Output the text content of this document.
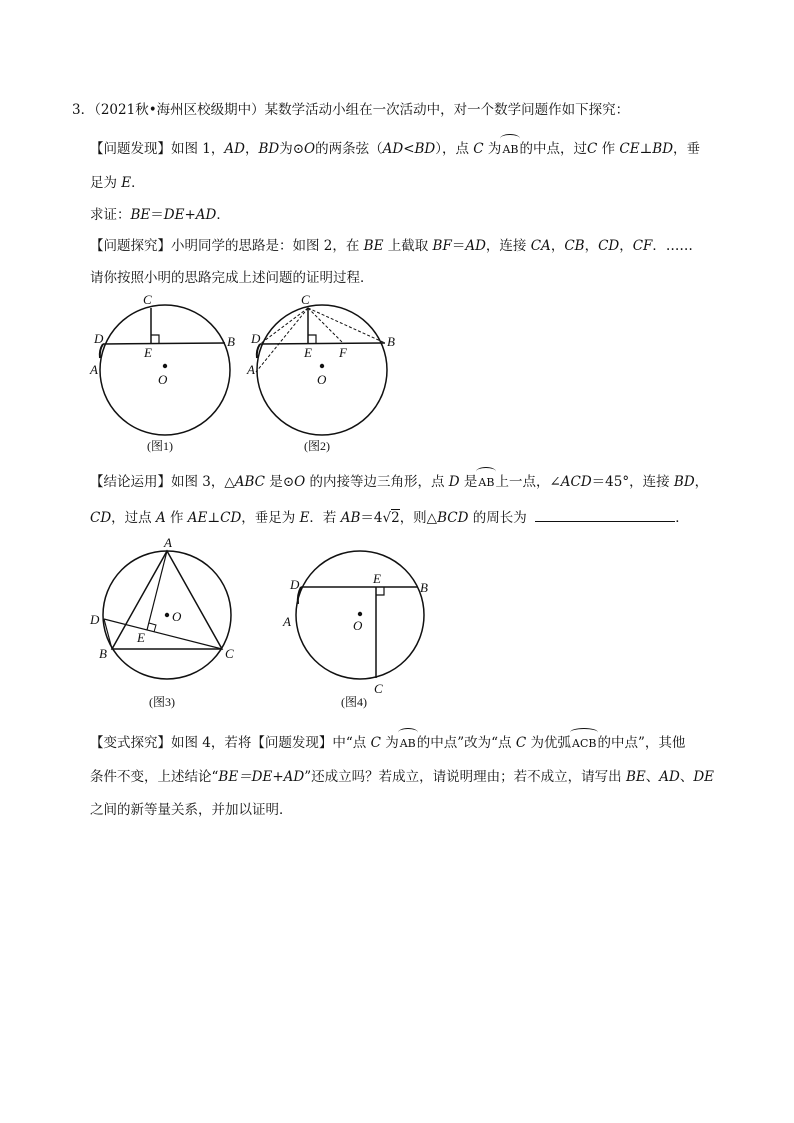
3．（2021秋•海州区校级期中）某数学活动小组在一次活动中，对一个数学问题作如下探究：
【问题发现】如图 1，AD，BD为⊙O的两条弦（AD<BD），点 C 为AB的中点，过C 作 CE⊥BD，垂
足为 E．
求证：BE＝DE+AD．
【问题探究】小明同学的思路是：如图 2，在 BE 上截取 BF＝AD，连接 CA，CB，CD，CF．……
请你按照小明的思路完成上述问题的证明过程．
C
D
A
B
E
O
(图1)
C
D
A
B
E F
O
(图2)
【结论运用】如图 3，△ABC 是⊙O 的内接等边三角形，点 D 是AB上一点，∠ACD＝45°，连接 BD，
CD，过点 A 作 AE⊥CD，垂足为 E．若 AB＝4√2，则△BCD 的周长为	．
A
D
B	C
E
O
(图3)
D
A
B
E
O
C
(图4)
【变式探究】如图 4，若将【问题发现】中“点 C 为AB的中点”改为“点 C 为优弧ACB的中点”，其他
条件不变，上述结论“BE＝DE+AD”还成立吗？若成立，请说明理由；若不成立，请写出 BE、AD、DE
之间的新等量关系，并加以证明．
